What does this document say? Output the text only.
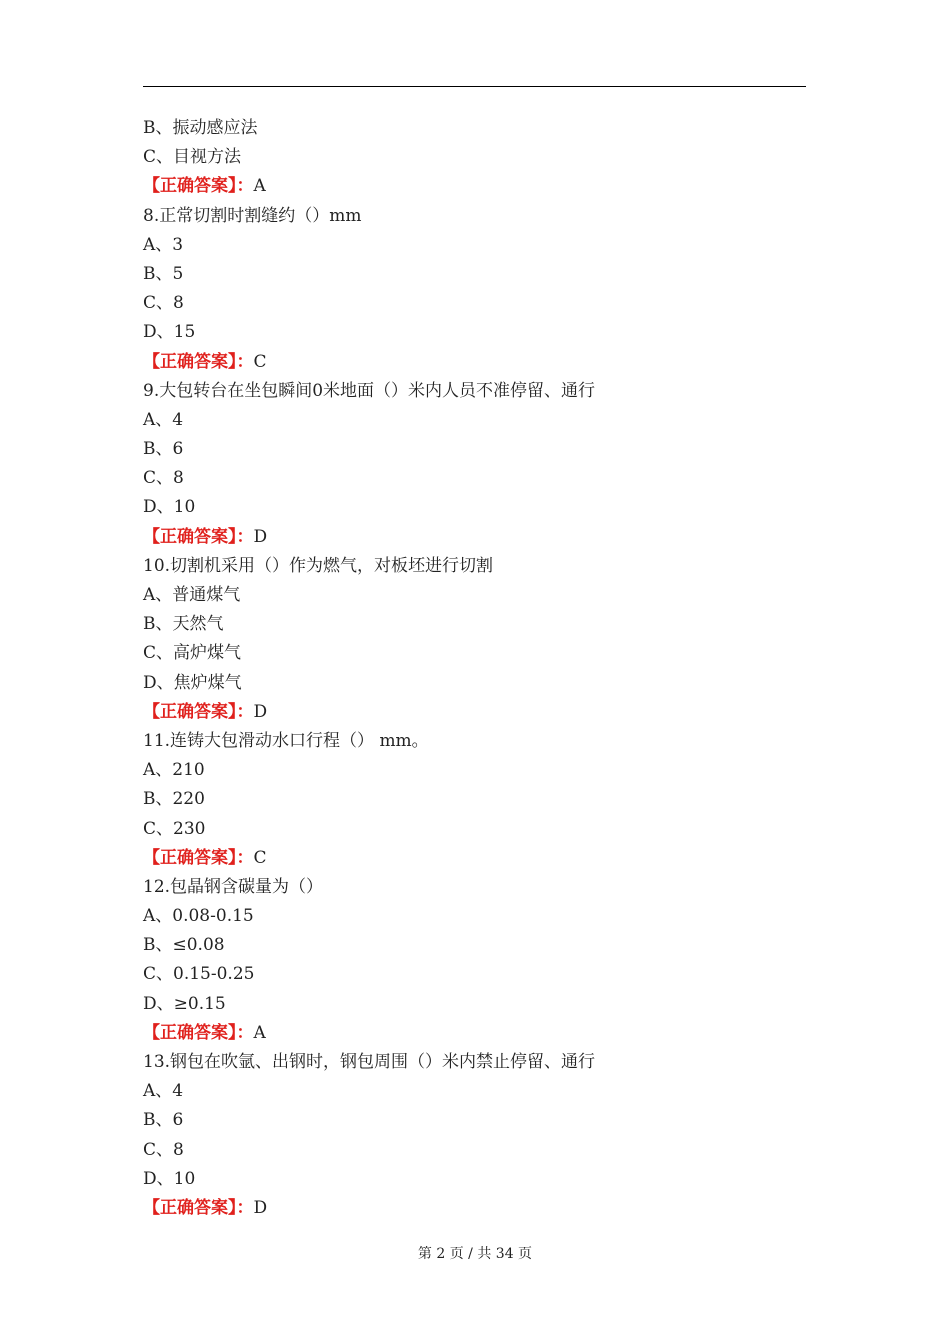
B、振动感应法
C、目视方法
【正确答案】：A
8.正常切割时割缝约（）mm
A、3
B、5
C、8
D、15
【正确答案】：C
9.大包转台在坐包瞬间0米地面（）米内人员不准停留、通行
A、4
B、6
C、8
D、10
【正确答案】：D
10.切割机采用（）作为燃气，对板坯进行切割
A、普通煤气
B、天然气
C、高炉煤气
D、焦炉煤气
【正确答案】：D
11.连铸大包滑动水口行程（） mm。
A、210
B、220
C、230
【正确答案】：C
12.包晶钢含碳量为（）
A、0.08-0.15
B、≤0.08
C、0.15-0.25
D、≥0.15
【正确答案】：A
13.钢包在吹氩、出钢时，钢包周围（）米内禁止停留、通行
A、4
B、6
C、8
D、10
【正确答案】：D
第 2 页 / 共 34 页
